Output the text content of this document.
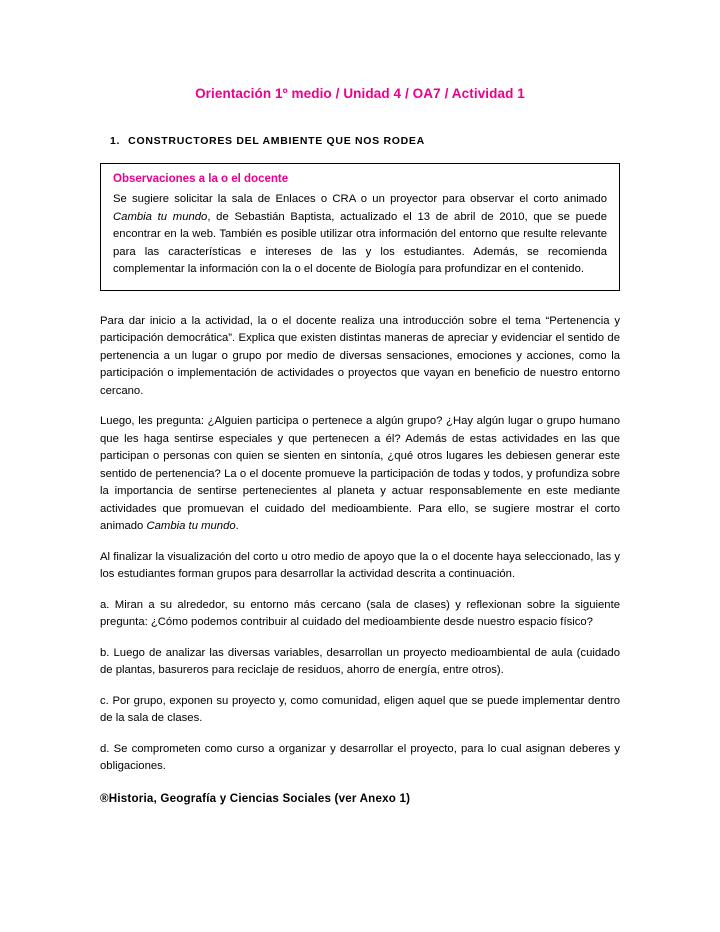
Orientación 1º medio / Unidad 4 / OA7 / Actividad 1
1. CONSTRUCTORES DEL AMBIENTE QUE NOS RODEA
Observaciones a la o el docente
Se sugiere solicitar la sala de Enlaces o CRA o un proyector para observar el corto animado Cambia tu mundo, de Sebastián Baptista, actualizado el 13 de abril de 2010, que se puede encontrar en la web. También es posible utilizar otra información del entorno que resulte relevante para las características e intereses de las y los estudiantes. Además, se recomienda complementar la información con la o el docente de Biología para profundizar en el contenido.

Para dar inicio a la actividad, la o el docente realiza una introducción sobre el tema “Pertenencia y participación democrática”. Explica que existen distintas maneras de apreciar y evidenciar el sentido de pertenencia a un lugar o grupo por medio de diversas sensaciones, emociones y acciones, como la participación o implementación de actividades o proyectos que vayan en beneficio de nuestro entorno cercano.

Luego, les pregunta: ¿Alguien participa o pertenece a algún grupo? ¿Hay algún lugar o grupo humano que les haga sentirse especiales y que pertenecen a él? Además de estas actividades en las que participan o personas con quien se sienten en sintonía, ¿qué otros lugares les debiesen generar este sentido de pertenencia? La o el docente promueve la participación de todas y todos, y profundiza sobre la importancia de sentirse pertenecientes al planeta y actuar responsablemente en este mediante actividades que promuevan el cuidado del medioambiente. Para ello, se sugiere mostrar el corto animado Cambia tu mundo.

Al finalizar la visualización del corto u otro medio de apoyo que la o el docente haya seleccionado, las y los estudiantes forman grupos para desarrollar la actividad descrita a continuación.

a. Miran a su alrededor, su entorno más cercano (sala de clases) y reflexionan sobre la siguiente pregunta: ¿Cómo podemos contribuir al cuidado del medioambiente desde nuestro espacio físico?

b. Luego de analizar las diversas variables, desarrollan un proyecto medioambiental de aula (cuidado de plantas, basureros para reciclaje de residuos, ahorro de energía, entre otros).

c. Por grupo, exponen su proyecto y, como comunidad, eligen aquel que se puede implementar dentro de la sala de clases.

d. Se comprometen como curso a organizar y desarrollar el proyecto, para lo cual asignan deberes y obligaciones.

®Historia, Geografía y Ciencias Sociales (ver Anexo 1)
